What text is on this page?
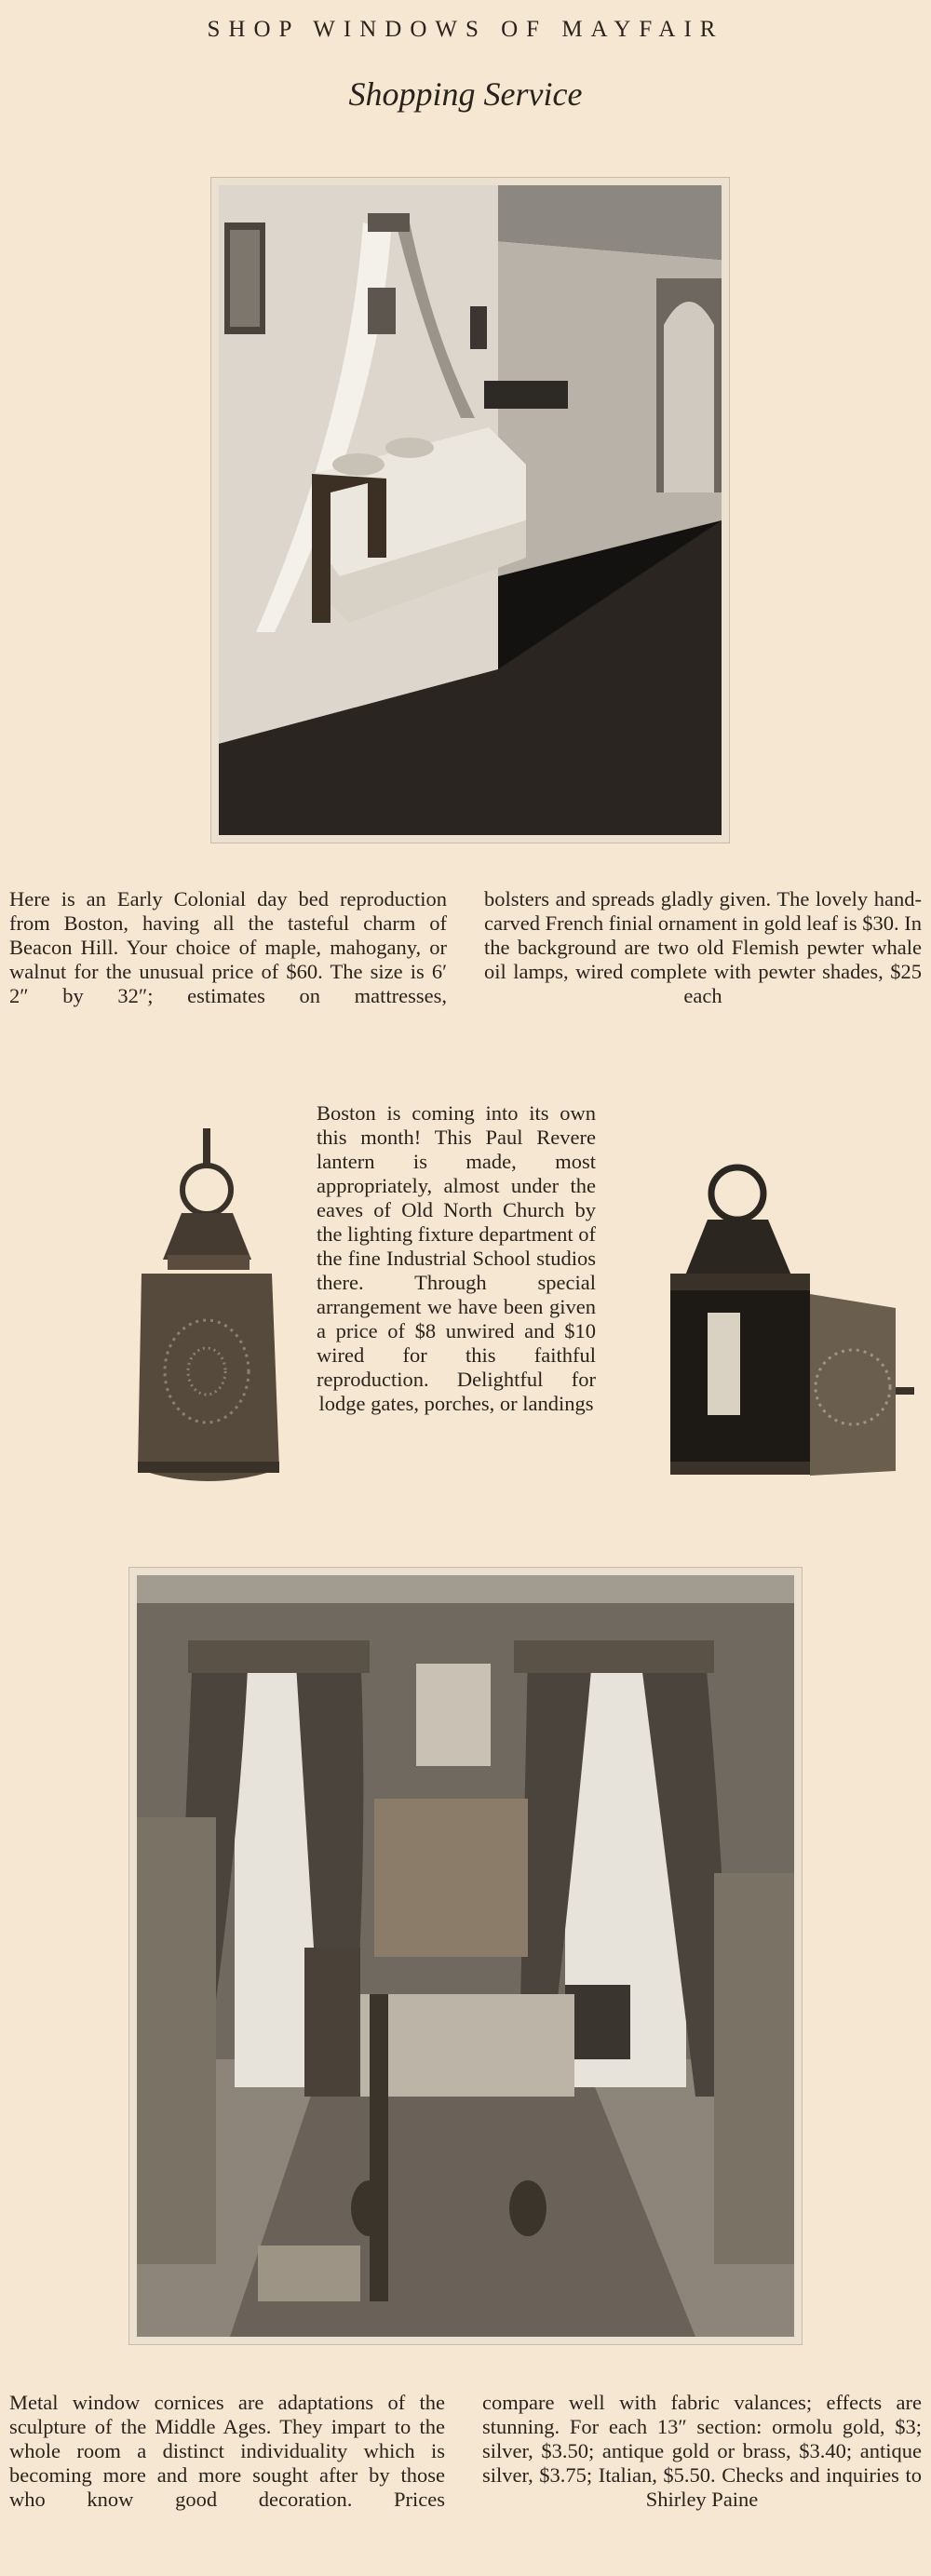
SHOP WINDOWS OF MAYFAIR
Shopping Service
Here is an Early Colonial day bed reproduction from Boston, having all the tasteful charm of Beacon Hill. Your choice of maple, mahogany, or walnut for the unusual price of $60. The size is 6′ 2″ by 32″; estimates on mattresses,
bolsters and spreads gladly given. The lovely hand-carved French finial ornament in gold leaf is $30. In the background are two old Flemish pewter whale oil lamps, wired complete with pewter shades, $25 each
Boston is coming into its own this month! This Paul Revere lantern is made, most appropriately, almost under the eaves of Old North Church by the lighting fixture department of the fine Industrial School studios there. Through special arrangement we have been given a price of $8 unwired and $10 wired for this faithful reproduction. Delightful for lodge gates, porches, or landings
Metal window cornices are adaptations of the sculpture of the Middle Ages. They impart to the whole room a distinct individuality which is becoming more and more sought after by those who know good decoration. Prices
compare well with fabric valances; effects are stunning. For each 13″ section: ormolu gold, $3; silver, $3.50; antique gold or brass, $3.40; antique silver, $3.75; Italian, $5.50. Checks and inquiries to Shirley Paine
